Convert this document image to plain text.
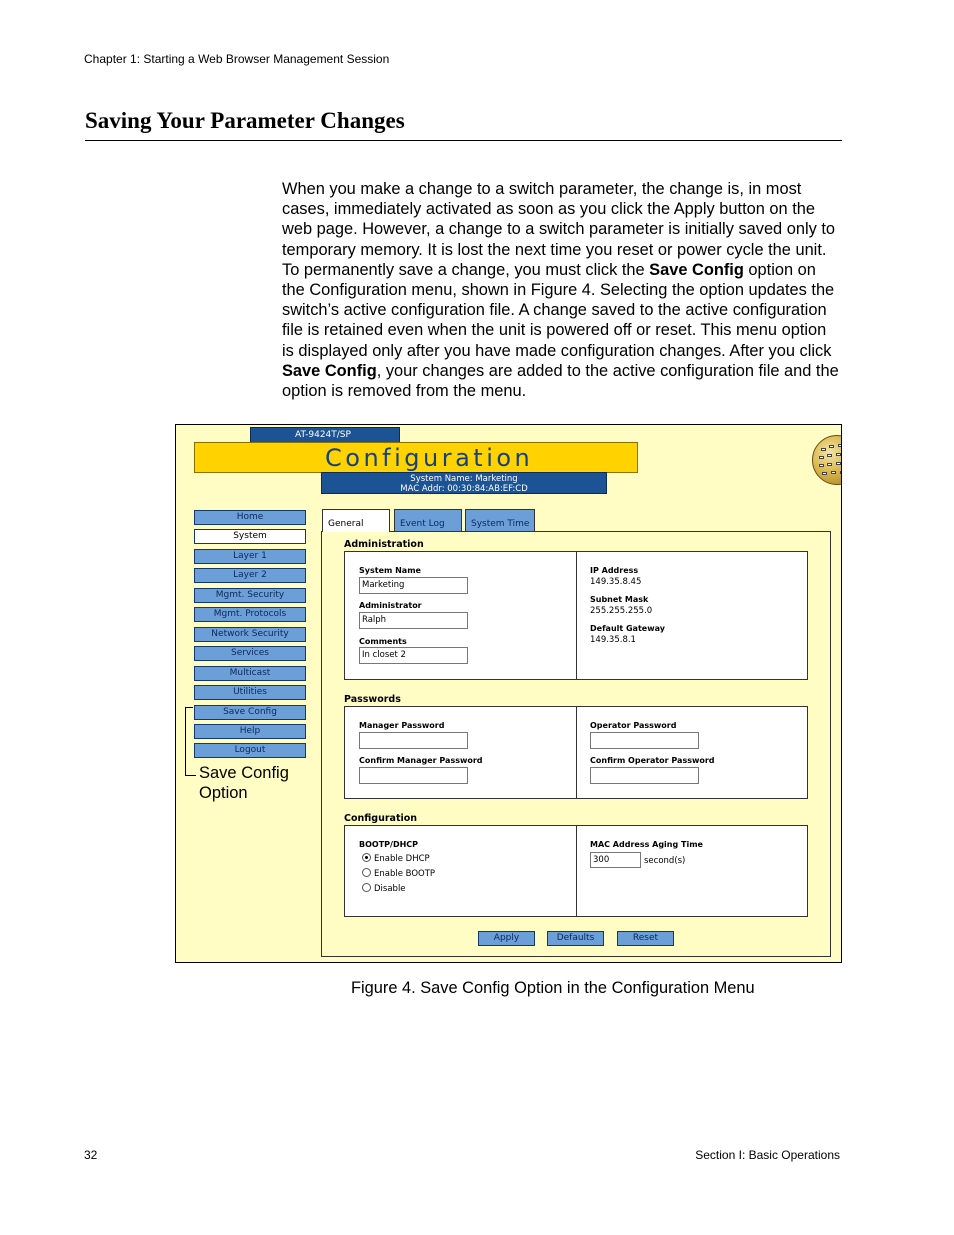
Chapter 1: Starting a Web Browser Management Session
Saving Your Parameter Changes
When you make a change to a switch parameter, the change is, in most cases, immediately activated as soon as you click the Apply button on the web page. However, a change to a switch parameter is initially saved only to temporary memory. It is lost the next time you reset or power cycle the unit. To permanently save a change, you must click the Save Config option on the Configuration menu, shown in Figure 4. Selecting the option updates the switch’s active configuration file. A change saved to the active configuration file is retained even when the unit is powered off or reset. This menu option is displayed only after you have made configuration changes. After you click Save Config, your changes are added to the active configuration file and the option is removed from the menu.
AT-9424T/SP
Configuration
System Name: Marketing
MAC Addr: 00:30:84:AB:EF:CD
Home
System
Layer 1
Layer 2
Mgmt. Security
Mgmt. Protocols
Network Security
Services
Multicast
Utilities
Save Config
Help
Logout
Save Config
Option
General	Event Log	System Time
Administration
System Name
Marketing
Administrator
Ralph
Comments
In closet 2
IP Address
149.35.8.45
Subnet Mask
255.255.255.0
Default Gateway
149.35.8.1
Passwords
Manager Password
Confirm Manager Password
Operator Password
Confirm Operator Password
Configuration
BOOTP/DHCP
Enable DHCP
Enable BOOTP
Disable
MAC Address Aging Time
300	second(s)
Apply	Defaults	Reset
Figure 4. Save Config Option in the Configuration Menu
32	Section I: Basic Operations
